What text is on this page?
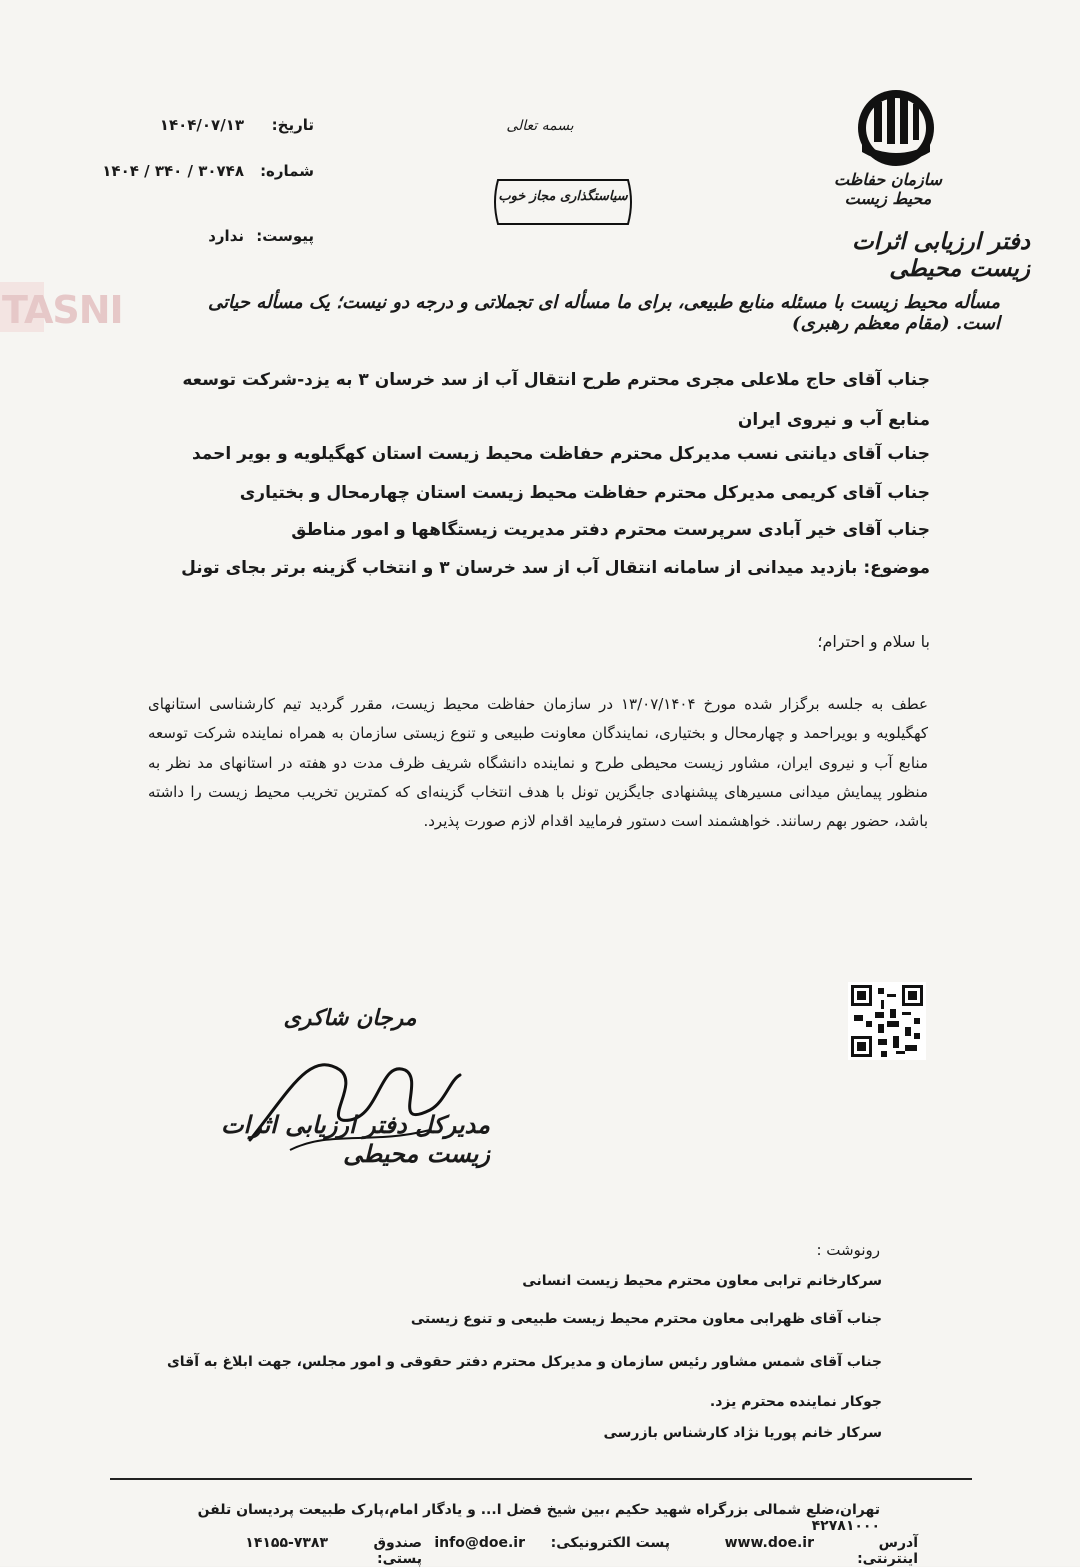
سازمان حفاظت محیط زیست
دفتر ارزیابی اثرات زیست محیطی
بسمه تعالی
سیاستگذاری مجاز خوب
تاریخ:
۱۴۰۴/۰۷/۱۳
شماره:
۱۴۰۴ / ۳۴۰ / ۳۰۷۴۸
پیوست:
ندارد
TASNI	مسأله محیط زیست با مسئله منابع طبیعی، برای ما مسأله ای تجملاتی و درجه دو نیست؛ یک مسأله حیاتی است. (مقام معظم رهبری)
جناب آقای حاج ملاعلی مجری محترم طرح انتقال آب از سد خرسان ۳ به یزد-شرکت توسعه منابع آب و نیروی ایران
جناب آقای دیانتی نسب مدیرکل محترم حفاظت محیط زیست استان کهگیلویه و بویر احمد
جناب آقای کریمی مدیرکل محترم حفاظت محیط زیست استان چهارمحال و بختیاری
جناب آقای خیر آبادی سرپرست محترم دفتر مدیریت زیستگاهها و امور مناطق
موضوع: بازدید میدانی از سامانه انتقال آب از سد خرسان ۳ و انتخاب گزینه برتر بجای تونل
با سلام و احترام؛
عطف به جلسه برگزار شده مورخ ۱۳/۰۷/۱۴۰۴ در سازمان حفاظت محیط زیست، مقرر گردید تیم کارشناسی استانهای کهگیلویه و بویراحمد و چهارمحال و بختیاری، نمایندگان معاونت طبیعی و تنوع زیستی سازمان به همراه نماینده شرکت توسعه منابع آب و نیروی ایران، مشاور زیست محیطی طرح و نماینده دانشگاه شریف ظرف مدت دو هفته در استانهای مد نظر به منظور پیمایش میدانی مسیرهای پیشنهادی جایگزین تونل با هدف انتخاب گزینه‌ای که کمترین تخریب محیط زیست را داشته باشد، حضور بهم رسانند. خواهشمند است دستور فرمایید اقدام لازم صورت پذیرد.
مرجان شاکری
مدیرکل دفتر ارزیابی اثرات زیست محیطی
رونوشت :
سرکارخانم ترابی معاون محترم محیط زیست انسانی
جناب آقای ظهرابی معاون محترم محیط زیست طبیعی و تنوع زیستی
جناب آقای شمس مشاور رئیس سازمان و مدیرکل محترم دفتر حقوقی و امور مجلس، جهت ابلاغ به آقای جوکار نماینده محترم یزد.
سرکار خانم پوریا نژاد کارشناس بازرسی
تهران،ضلع شمالی بزرگراه شهید حکیم ،بین شیخ فضل ا... و یادگار امام،پارک طبیعت پردیسان تلفن ۴۲۷۸۱۰۰۰
آدرس اینترنتی:
www.doe.ir
پست الکترونیکی:
info@doe.ir
صندوق پستی:
۱۴۱۵۵-۷۳۸۳
